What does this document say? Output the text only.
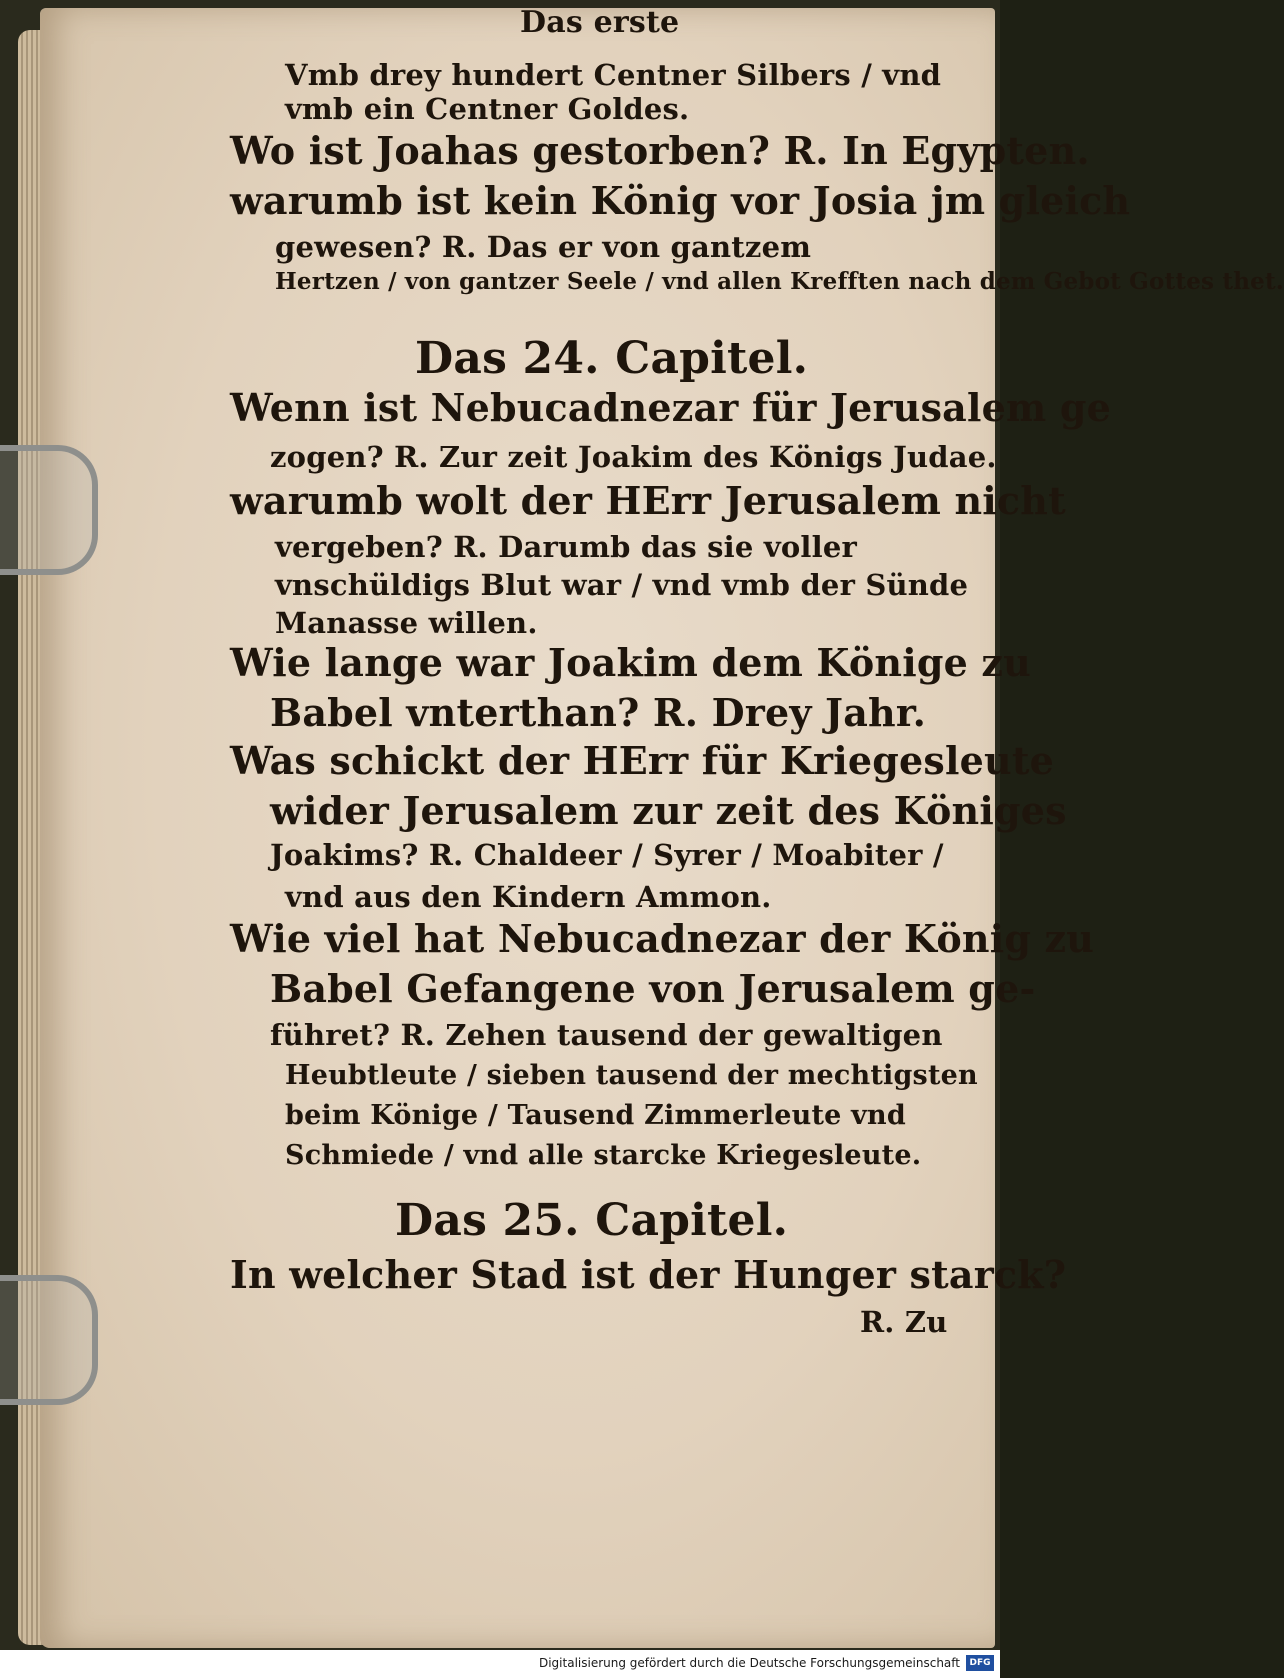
Das erste
Vmb drey hundert Centner Silbers / vnd
vmb ein Centner Goldes.
Wo ist Joahas gestorben? R. In Egypten.
warumb ist kein König vor Josia jm gleich
gewesen? R. Das er von gantzem
Hertzen / von gantzer Seele / vnd allen Krefften nach dem Gebot Gottes thet.
Das 24. Capitel.
Wenn ist Nebucadnezar für Jerusalem ge
zogen? R. Zur zeit Joakim des Königs Judae.
warumb wolt der HErr Jerusalem nicht
vergeben? R. Darumb das sie voller
vnschüldigs Blut war / vnd vmb der Sünde
Manasse willen.
Wie lange war Joakim dem Könige zu
Babel vnterthan? R. Drey Jahr.
Was schickt der HErr für Kriegesleute
wider Jerusalem zur zeit des Königes
Joakims? R. Chaldeer / Syrer / Moabiter /
vnd aus den Kindern Ammon.
Wie viel hat Nebucadnezar der König zu
Babel Gefangene von Jerusalem ge-
führet? R. Zehen tausend der gewaltigen
Heubtleute / sieben tausend der mechtigsten
beim Könige / Tausend Zimmerleute vnd
Schmiede / vnd alle starcke Kriegesleute.
Das 25. Capitel.
In welcher Stad ist der Hunger starck?
R. Zu
Digitalisierung gefördert durch die Deutsche Forschungsgemeinschaft	DFG
